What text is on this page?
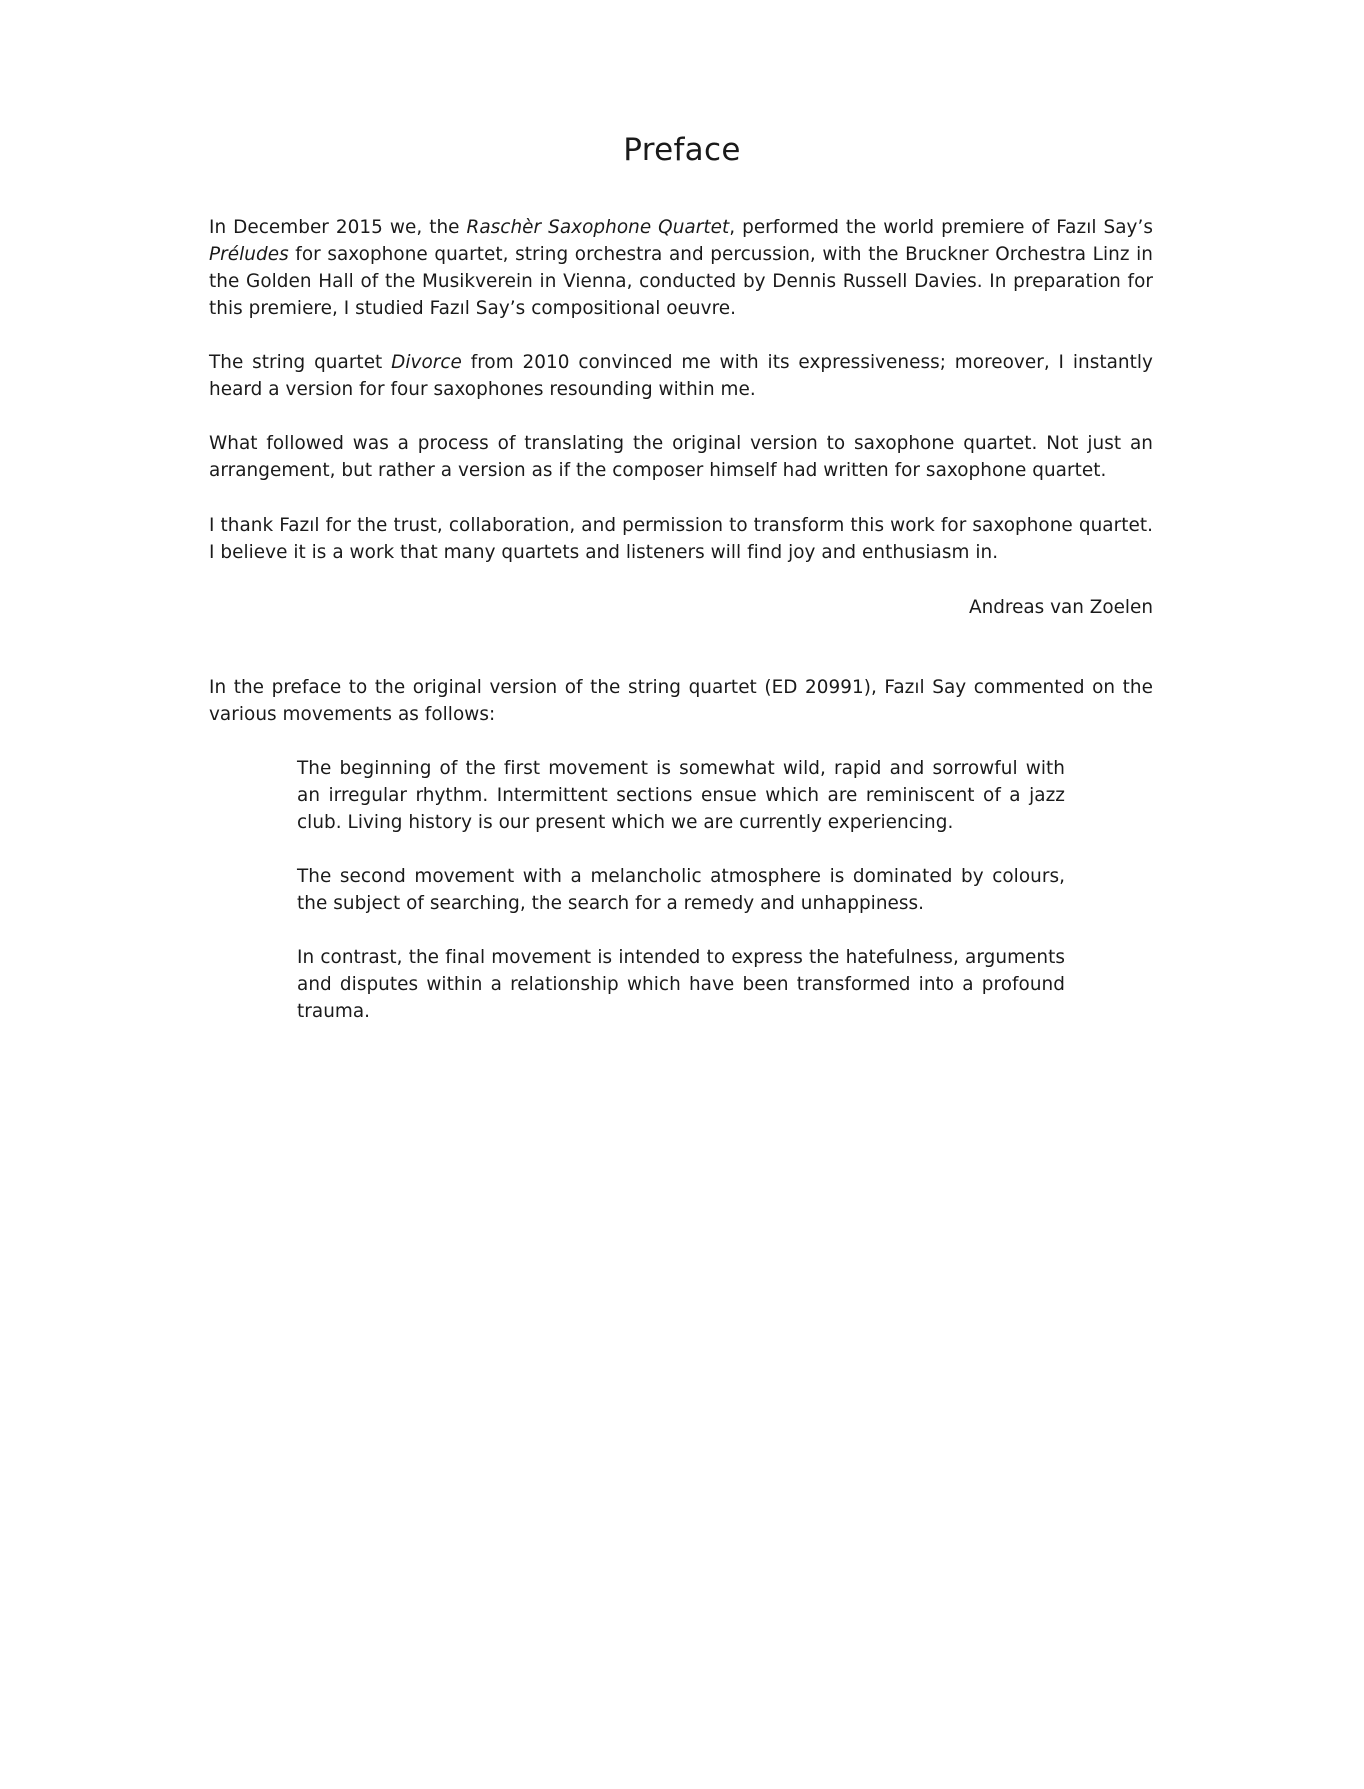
Preface

In December 2015 we, the Raschèr Saxophone Quartet, performed the world premiere of Fazıl Say’s Préludes for saxophone quartet, string orchestra and percussion, with the Bruckner Orchestra Linz in the Golden Hall of the Musikverein in Vienna, conducted by Dennis Russell Davies. In preparation for this premiere, I studied Fazıl Say’s compositional oeuvre.

The string quartet Divorce from 2010 convinced me with its expressiveness; moreover, I instantly heard a version for four saxophones resounding within me.

What followed was a process of translating the original version to saxophone quartet. Not just an arrangement, but rather a version as if the composer himself had written for saxophone quartet.

I thank Fazıl for the trust, collaboration, and permission to transform this work for saxophone quartet. I believe it is a work that many quartets and listeners will find joy and enthusiasm in.

Andreas van Zoelen

In the preface to the original version of the string quartet (ED 20991), Fazıl Say commented on the various movements as follows:

The beginning of the first movement is somewhat wild, rapid and sorrowful with an irregular rhythm. Intermittent sections ensue which are reminiscent of a jazz club. Living history is our present which we are currently experiencing.

The second movement with a melancholic atmosphere is dominated by colours, the subject of searching, the search for a remedy and unhappiness.

In contrast, the final movement is intended to express the hatefulness, arguments and disputes within a relationship which have been transformed into a profound trauma.
